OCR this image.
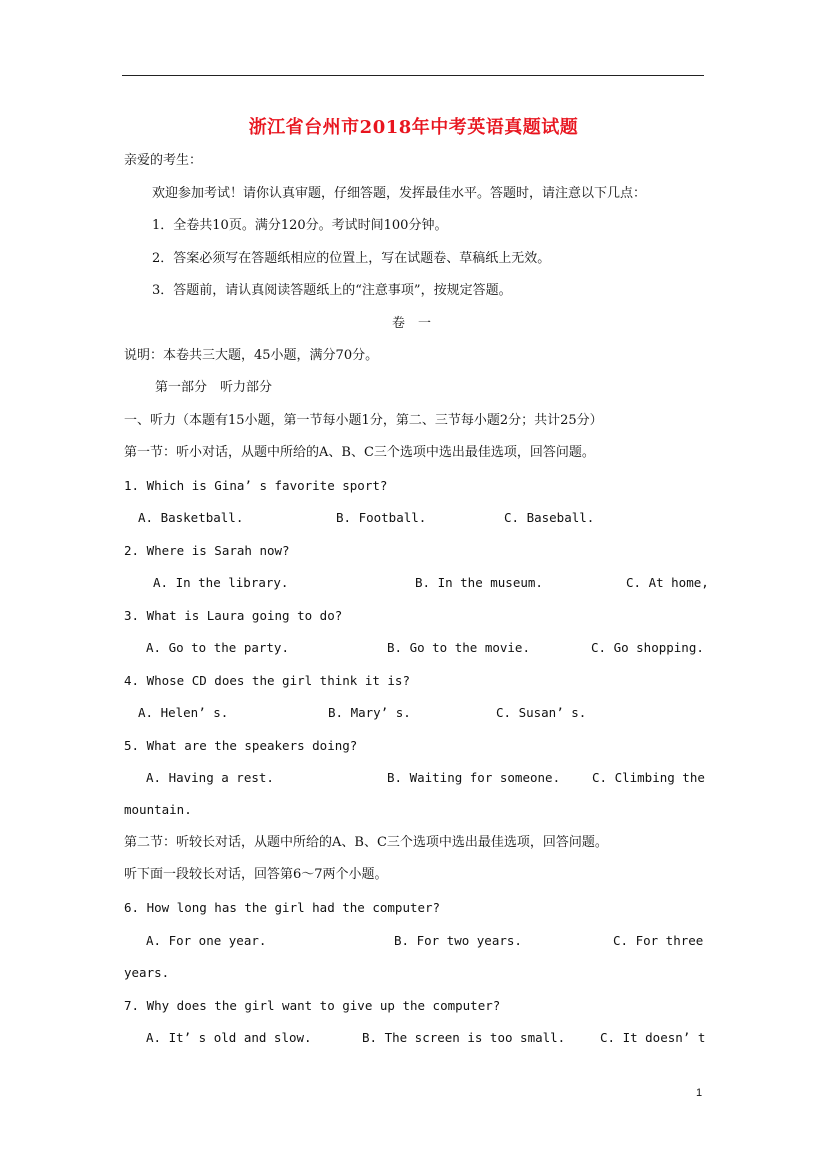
浙江省台州市2018年中考英语真题试题
亲爱的考生：
欢迎参加考试！请你认真审题，仔细答题，发挥最佳水平。答题时，请注意以下几点：
1．全卷共10页。满分120分。考试时间100分钟。
2．答案必须写在答题纸相应的位置上，写在试题卷、草稿纸上无效。
3．答题前，请认真阅读答题纸上的“注意事项”，按规定答题。
卷　一
说明：本卷共三大题，45小题，满分70分。
第一部分　听力部分
一、听力（本题有15小题，第一节每小题1分，第二、三节每小题2分；共计25分）
第一节：听小对话，从题中所给的A、B、C三个选项中选出最佳选项，回答问题。
1. Which is Gina’ s favorite sport?
A. Basketball.	B. Football.	C. Baseball.
2. Where is Sarah now?
A. In the library.	B. In the museum.	C. At home,
3. What is Laura going to do?
A. Go to the party.	B. Go to the movie.	C. Go shopping.
4. Whose CD does the girl think it is?
A. Helen’ s.	B. Mary’ s.	C. Susan’ s.
5. What are the speakers doing?
A. Having a rest.	B. Waiting for someone.	C. Climbing the
mountain.
第二节：听较长对话，从题中所给的A、B、C三个选项中选出最佳选项，回答问题。
听下面一段较长对话，回答第6～7两个小题。
6. How long has the girl had the computer?
A. For one year.	B. For two years.	C. For three
years.
7. Why does the girl want to give up the computer?
A. It’ s old and slow.	B. The screen is too small.	C. It doesn’ t
1
